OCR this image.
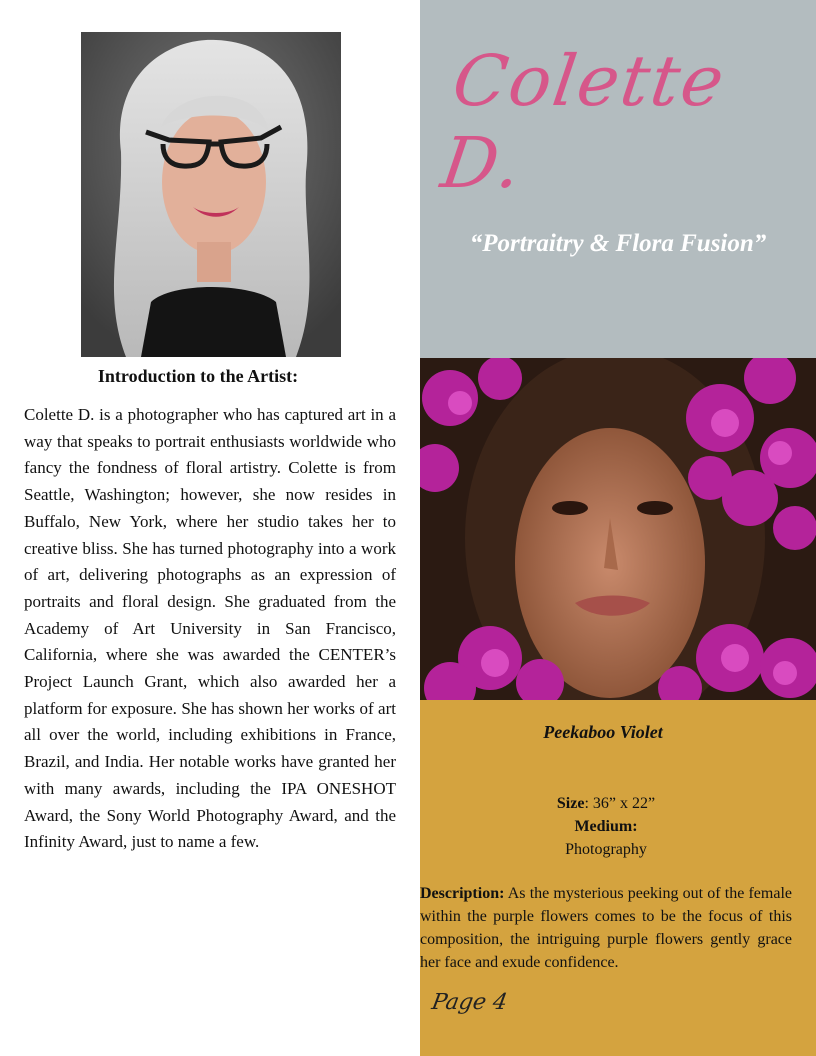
Introduction to the Artist:

Colette D. is a photographer who has captured art in a way that speaks to portrait enthusiasts worldwide who fancy the fondness of floral artistry. Colette is from Seattle, Washington; however, she now resides in Buffalo, New York, where her studio takes her to creative bliss. She has turned photography into a work of art, delivering photographs as an expression of portraits and floral design. She graduated from the Academy of Art University in San Francisco, California, where she was awarded the CENTER’s Project Launch Grant, which also awarded her a platform for exposure. She has shown her works of art all over the world, including exhibitions in France, Brazil, and India. Her notable works have granted her with many awards, including the IPA ONESHOT Award, the Sony World Photography Award, and the Infinity Award, just to name a few.

Colette D.
“Portraitry & Flora Fusion”
Peekaboo Violet
Size: 36” x 22”
Medium:
Photography

Description: As the mysterious peeking out of the female within the purple flowers comes to be the focus of this composition, the intriguing purple flowers gently grace her face and exude confidence.

Page 4
